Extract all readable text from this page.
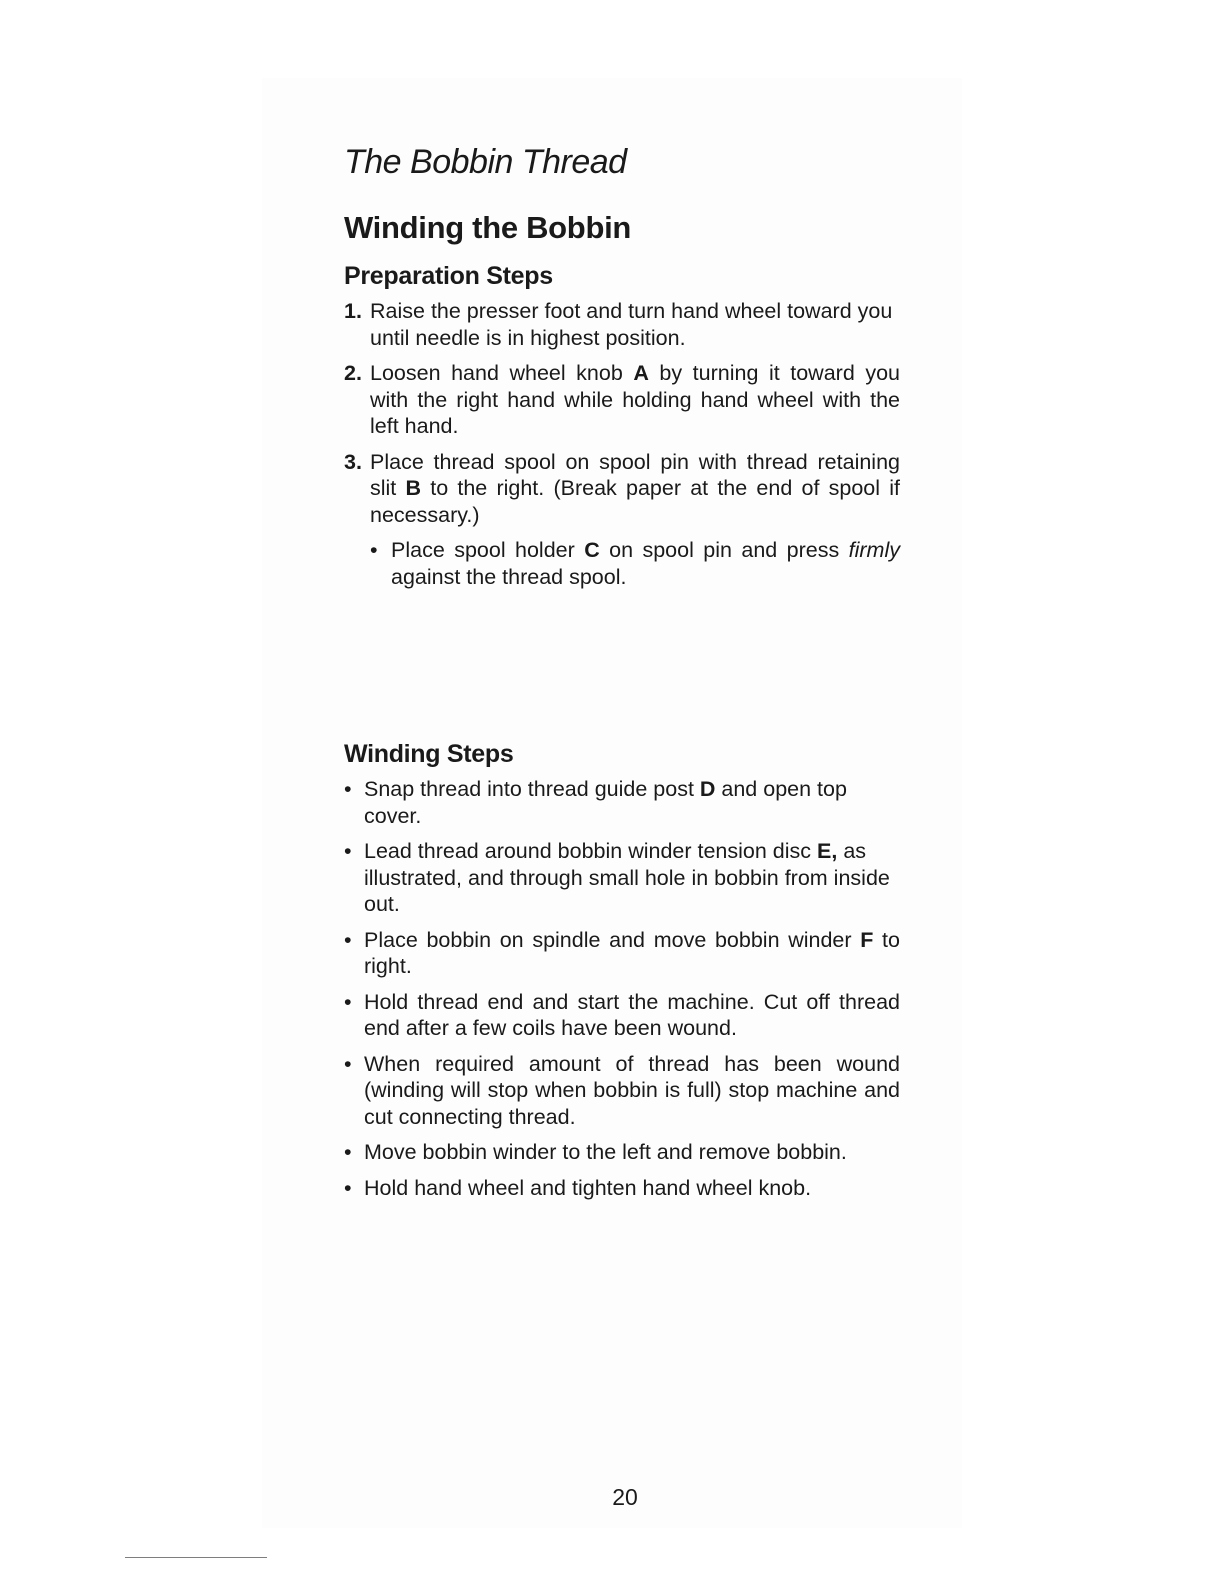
The Bobbin Thread
Winding the Bobbin
Preparation Steps
1. Raise the presser foot and turn hand wheel toward you until needle is in highest position.
2. Loosen hand wheel knob A by turning it toward you with the right hand while holding hand wheel with the left hand.
3. Place thread spool on spool pin with thread retaining slit B to the right. (Break paper at the end of spool if necessary.)
• Place spool holder C on spool pin and press firmly against the thread spool.
Winding Steps
• Snap thread into thread guide post D and open top cover.
• Lead thread around bobbin winder tension disc E, as illustrated, and through small hole in bobbin from inside out.
• Place bobbin on spindle and move bobbin winder F to right.
• Hold thread end and start the machine. Cut off thread end after a few coils have been wound.
• When required amount of thread has been wound (winding will stop when bobbin is full) stop machine and cut connecting thread.
• Move bobbin winder to the left and remove bobbin.
• Hold hand wheel and tighten hand wheel knob.
20
